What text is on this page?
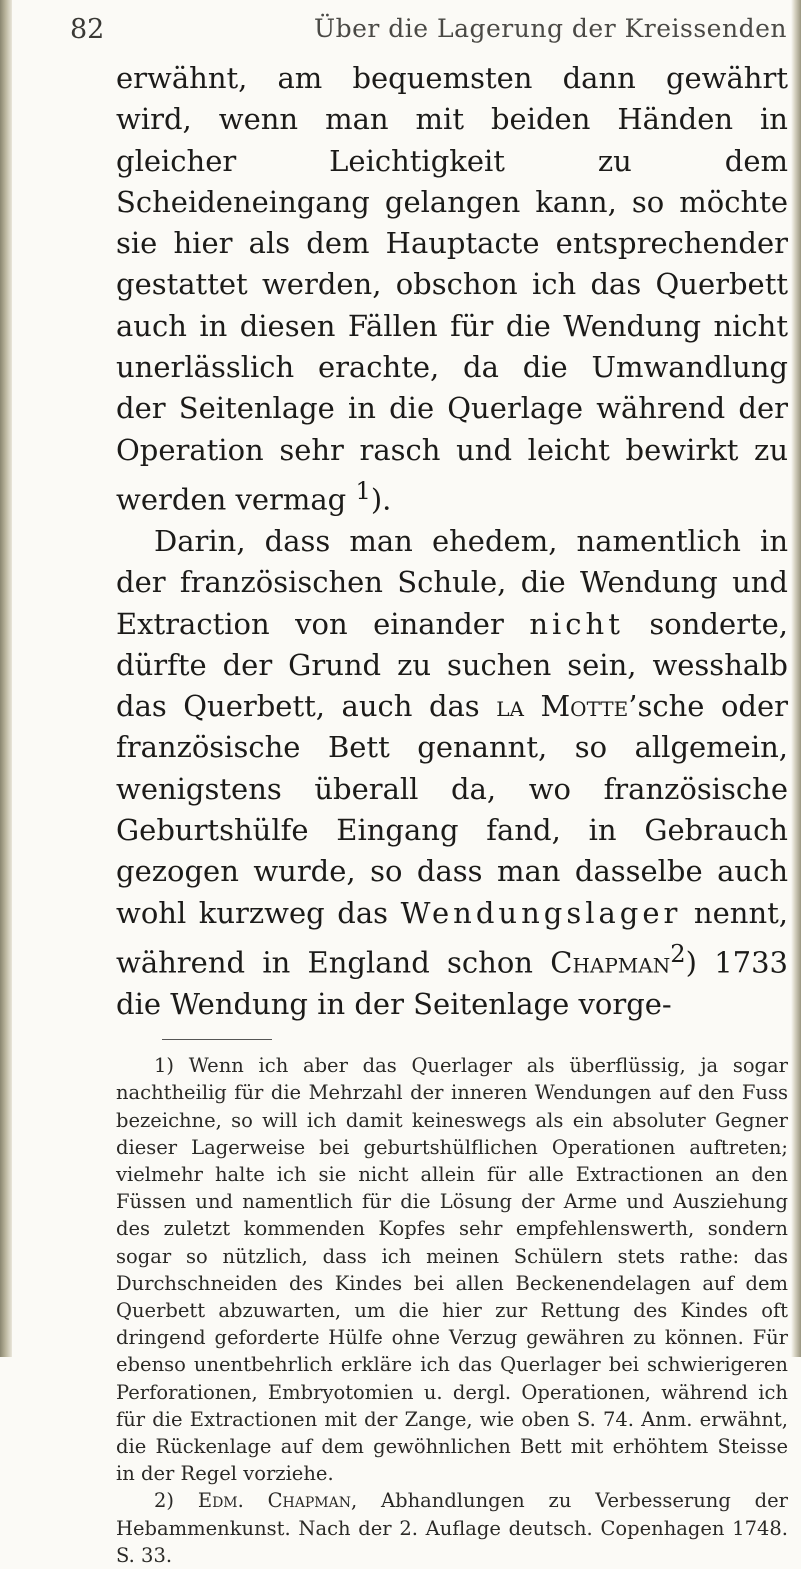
82	Über die Lagerung der Kreissenden

erwähnt, am bequemsten dann gewährt wird, wenn man mit beiden Händen in gleicher Leichtigkeit zu dem Scheideneingang gelangen kann, so möchte sie hier als dem Hauptacte entsprechender gestattet werden, obschon ich das Querbett auch in diesen Fällen für die Wendung nicht unerlässlich erachte, da die Umwandlung der Seitenlage in die Querlage während der Operation sehr rasch und leicht bewirkt zu werden vermag $^1$).

Darin, dass man ehedem, namentlich in der französischen Schule, die Wendung und Extraction von einander nicht sonderte, dürfte der Grund zu suchen sein, wesshalb das Querbett, auch das la Motte’sche oder französische Bett genannt, so allgemein, wenigstens überall da, wo französische Geburtshülfe Eingang fand, in Gebrauch gezogen wurde, so dass man dasselbe auch wohl kurzweg das Wendungslager nennt, während in England schon Chapman$^2$) 1733 die Wendung in der Seitenlage vorge-

1) Wenn ich aber das Querlager als überflüssig, ja sogar nachtheilig für die Mehrzahl der inneren Wendungen auf den Fuss bezeichne, so will ich damit keineswegs als ein absoluter Gegner dieser Lagerweise bei geburtshülflichen Operationen auftreten; vielmehr halte ich sie nicht allein für alle Extractionen an den Füssen und namentlich für die Lösung der Arme und Ausziehung des zuletzt kommenden Kopfes sehr empfehlenswerth, sondern sogar so nützlich, dass ich meinen Schülern stets rathe: das Durchschneiden des Kindes bei allen Beckenendelagen auf dem Querbett abzuwarten, um die hier zur Rettung des Kindes oft dringend geforderte Hülfe ohne Verzug gewähren zu können. Für ebenso unentbehrlich erkläre ich das Querlager bei schwierigeren Perforationen, Embryotomien u. dergl. Operationen, während ich für die Extractionen mit der Zange, wie oben S. 74. Anm. erwähnt, die Rückenlage auf dem gewöhnlichen Bett mit erhöhtem Steisse in der Regel vorziehe.

2) Edm. Chapman, Abhandlungen zu Verbesserung der Hebammenkunst. Nach der 2. Auflage deutsch. Copenhagen 1748. S. 33.
